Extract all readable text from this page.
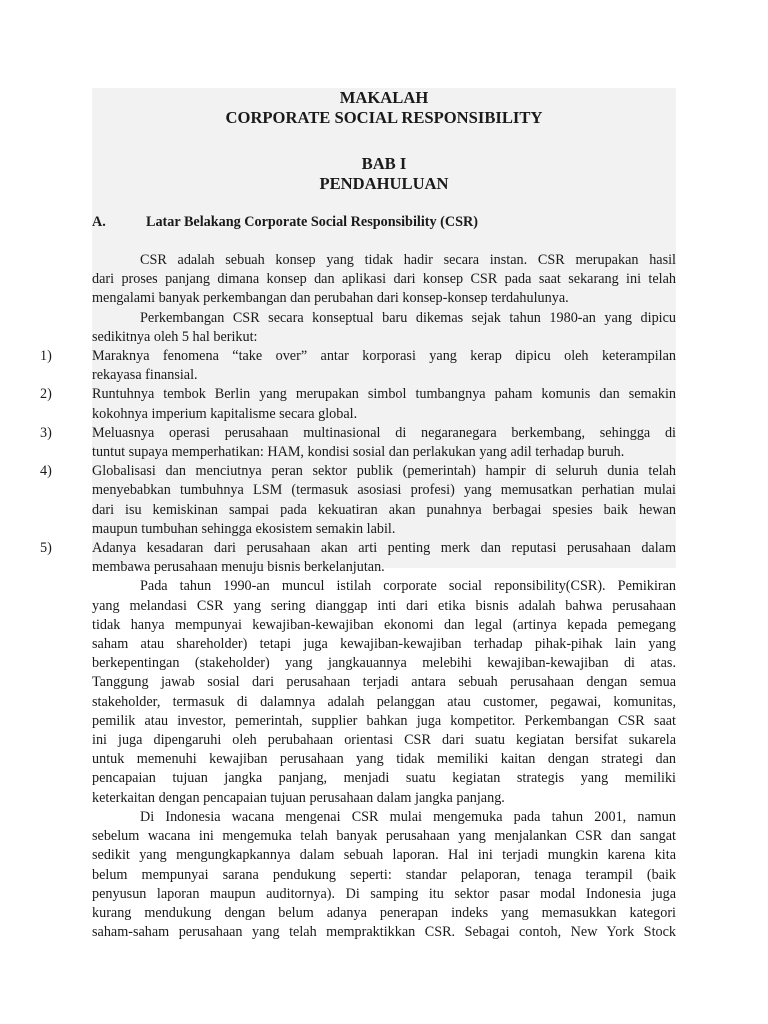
MAKALAH

CORPORATE SOCIAL RESPONSIBILITY

BAB I

PENDAHULUAN

A.	Latar Belakang Corporate Social Responsibility (CSR)
CSR adalah sebuah konsep yang tidak hadir secara instan. CSR merupakan hasil
dari proses panjang dimana konsep dan aplikasi dari konsep CSR pada saat sekarang ini telah
mengalami banyak perkembangan dan perubahan dari konsep-konsep terdahulunya.
Perkembangan CSR secara konseptual baru dikemas sejak tahun 1980-an yang dipicu
sedikitnya oleh 5 hal berikut:
1)	Maraknya fenomena “take over” antar korporasi yang kerap dipicu oleh keterampilan
rekayasa finansial.
2)	Runtuhnya tembok Berlin yang merupakan simbol tumbangnya paham komunis dan semakin
kokohnya imperium kapitalisme secara global.
3)	Meluasnya operasi perusahaan multinasional di negaranegara berkembang, sehingga di
tuntut supaya memperhatikan: HAM, kondisi sosial dan perlakukan yang adil terhadap buruh.
4)	Globalisasi dan menciutnya peran sektor publik (pemerintah) hampir di seluruh dunia telah
menyebabkan tumbuhnya LSM (termasuk asosiasi profesi) yang memusatkan perhatian mulai
dari isu kemiskinan sampai pada kekuatiran akan punahnya berbagai spesies baik hewan
maupun tumbuhan sehingga ekosistem semakin labil.
5)	Adanya kesadaran dari perusahaan akan arti penting merk dan reputasi perusahaan dalam
membawa perusahaan menuju bisnis berkelanjutan.
Pada tahun 1990-an muncul istilah corporate social reponsibility(CSR). Pemikiran
yang melandasi CSR yang sering dianggap inti dari etika bisnis adalah bahwa perusahaan
tidak hanya mempunyai kewajiban-kewajiban ekonomi dan legal (artinya kepada pemegang
saham atau shareholder) tetapi juga kewajiban-kewajiban terhadap pihak-pihak lain yang
berkepentingan (stakeholder) yang jangkauannya melebihi kewajiban-kewajiban di atas.
Tanggung jawab sosial dari perusahaan terjadi antara sebuah perusahaan dengan semua
stakeholder, termasuk di dalamnya adalah pelanggan atau customer, pegawai, komunitas,
pemilik atau investor, pemerintah, supplier bahkan juga kompetitor. Perkembangan CSR saat
ini juga dipengaruhi oleh perubahaan orientasi CSR dari suatu kegiatan bersifat sukarela
untuk memenuhi kewajiban perusahaan yang tidak memiliki kaitan dengan strategi dan
pencapaian tujuan jangka panjang, menjadi suatu kegiatan strategis yang memiliki
keterkaitan dengan pencapaian tujuan perusahaan dalam jangka panjang.
Di Indonesia wacana mengenai CSR mulai mengemuka pada tahun 2001, namun
sebelum wacana ini mengemuka telah banyak perusahaan yang menjalankan CSR dan sangat
sedikit yang mengungkapkannya dalam sebuah laporan. Hal ini terjadi mungkin karena kita
belum mempunyai sarana pendukung seperti: standar pelaporan, tenaga terampil (baik
penyusun laporan maupun auditornya). Di samping itu sektor pasar modal Indonesia juga
kurang mendukung dengan belum adanya penerapan indeks yang memasukkan kategori
saham-saham perusahaan yang telah mempraktikkan CSR. Sebagai contoh, New York Stock
